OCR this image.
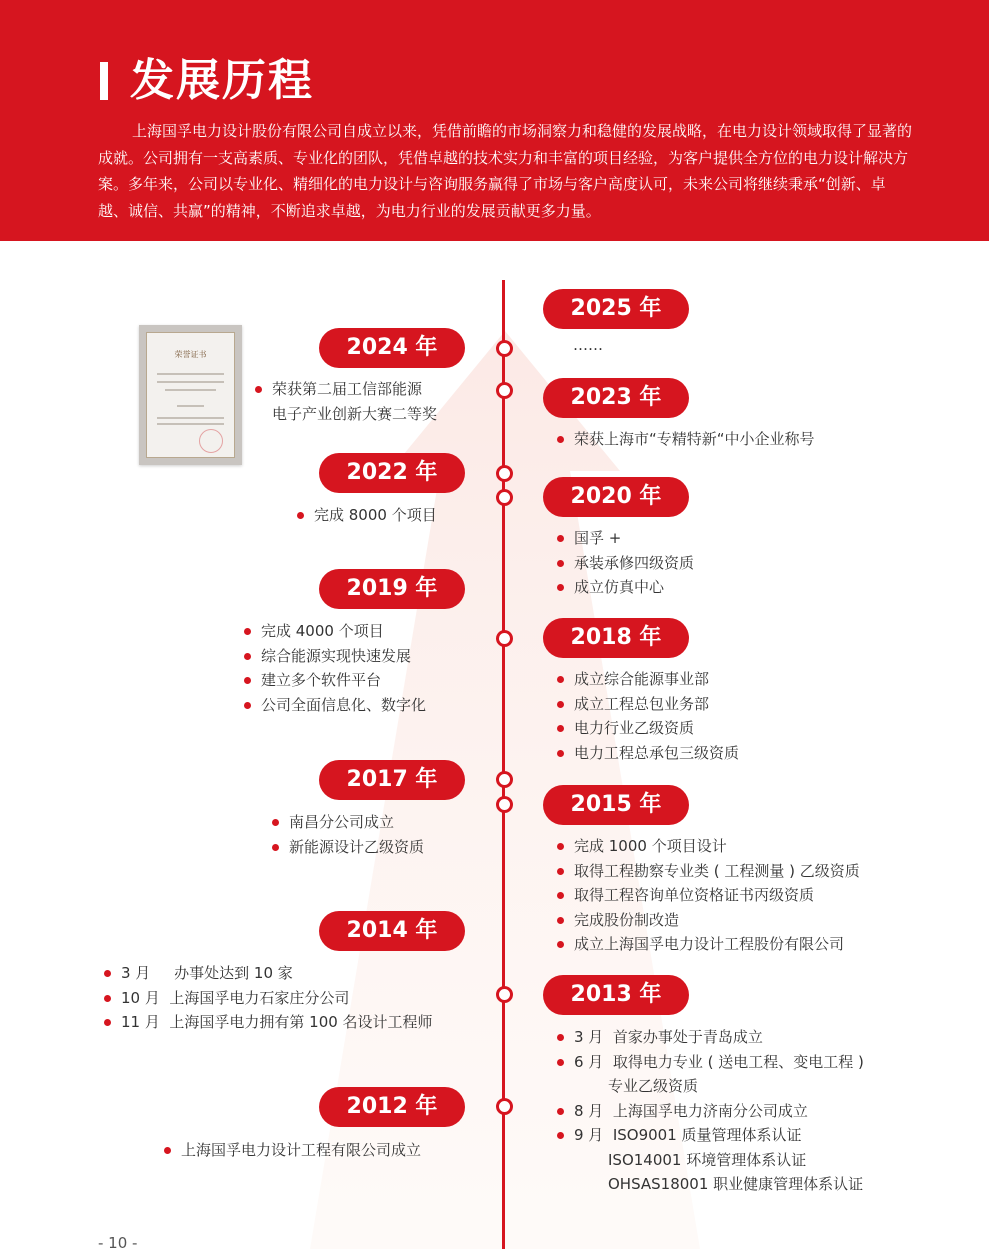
发展历程

上海国孚电力设计股份有限公司自成立以来，凭借前瞻的市场洞察力和稳健的发展战略，在电力设计领域取得了显著的成就。公司拥有一支高素质、专业化的团队，凭借卓越的技术实力和丰富的项目经验，为客户提供全方位的电力设计解决方案。多年来，公司以专业化、精细化的电力设计与咨询服务赢得了市场与客户高度认可，未来公司将继续秉承“创新、卓越、诚信、共赢”的精神，不断追求卓越，为电力行业的发展贡献更多力量。

荣誉证书
2025 年
……
2024 年
荣获第二届工信部能源
电子产业创新大赛二等奖
2023 年
荣获上海市“专精特新“中小企业称号
2022 年
完成 8000 个项目
2020 年
国孚 +
承装承修四级资质
成立仿真中心
2019 年
完成 4000 个项目
综合能源实现快速发展
建立多个软件平台
公司全面信息化、数字化
2018 年
成立综合能源事业部
成立工程总包业务部
电力行业乙级资质
电力工程总承包三级资质
2017 年
南昌分公司成立
新能源设计乙级资质
2015 年
完成 1000 个项目设计
取得工程勘察专业类 ( 工程测量 ) 乙级资质
取得工程咨询单位资格证书丙级资质
完成股份制改造
成立上海国孚电力设计工程股份有限公司
2014 年
3 月     办事处达到 10 家
10 月  上海国孚电力石家庄分公司
11 月  上海国孚电力拥有第 100 名设计工程师
2013 年
3 月  首家办事处于青岛成立
6 月  取得电力专业 ( 送电工程、变电工程 )
专业乙级资质
8 月  上海国孚电力济南分公司成立
9 月  ISO9001 质量管理体系认证
ISO14001 环境管理体系认证
OHSAS18001 职业健康管理体系认证
2012 年
上海国孚电力设计工程有限公司成立
- 10 -
